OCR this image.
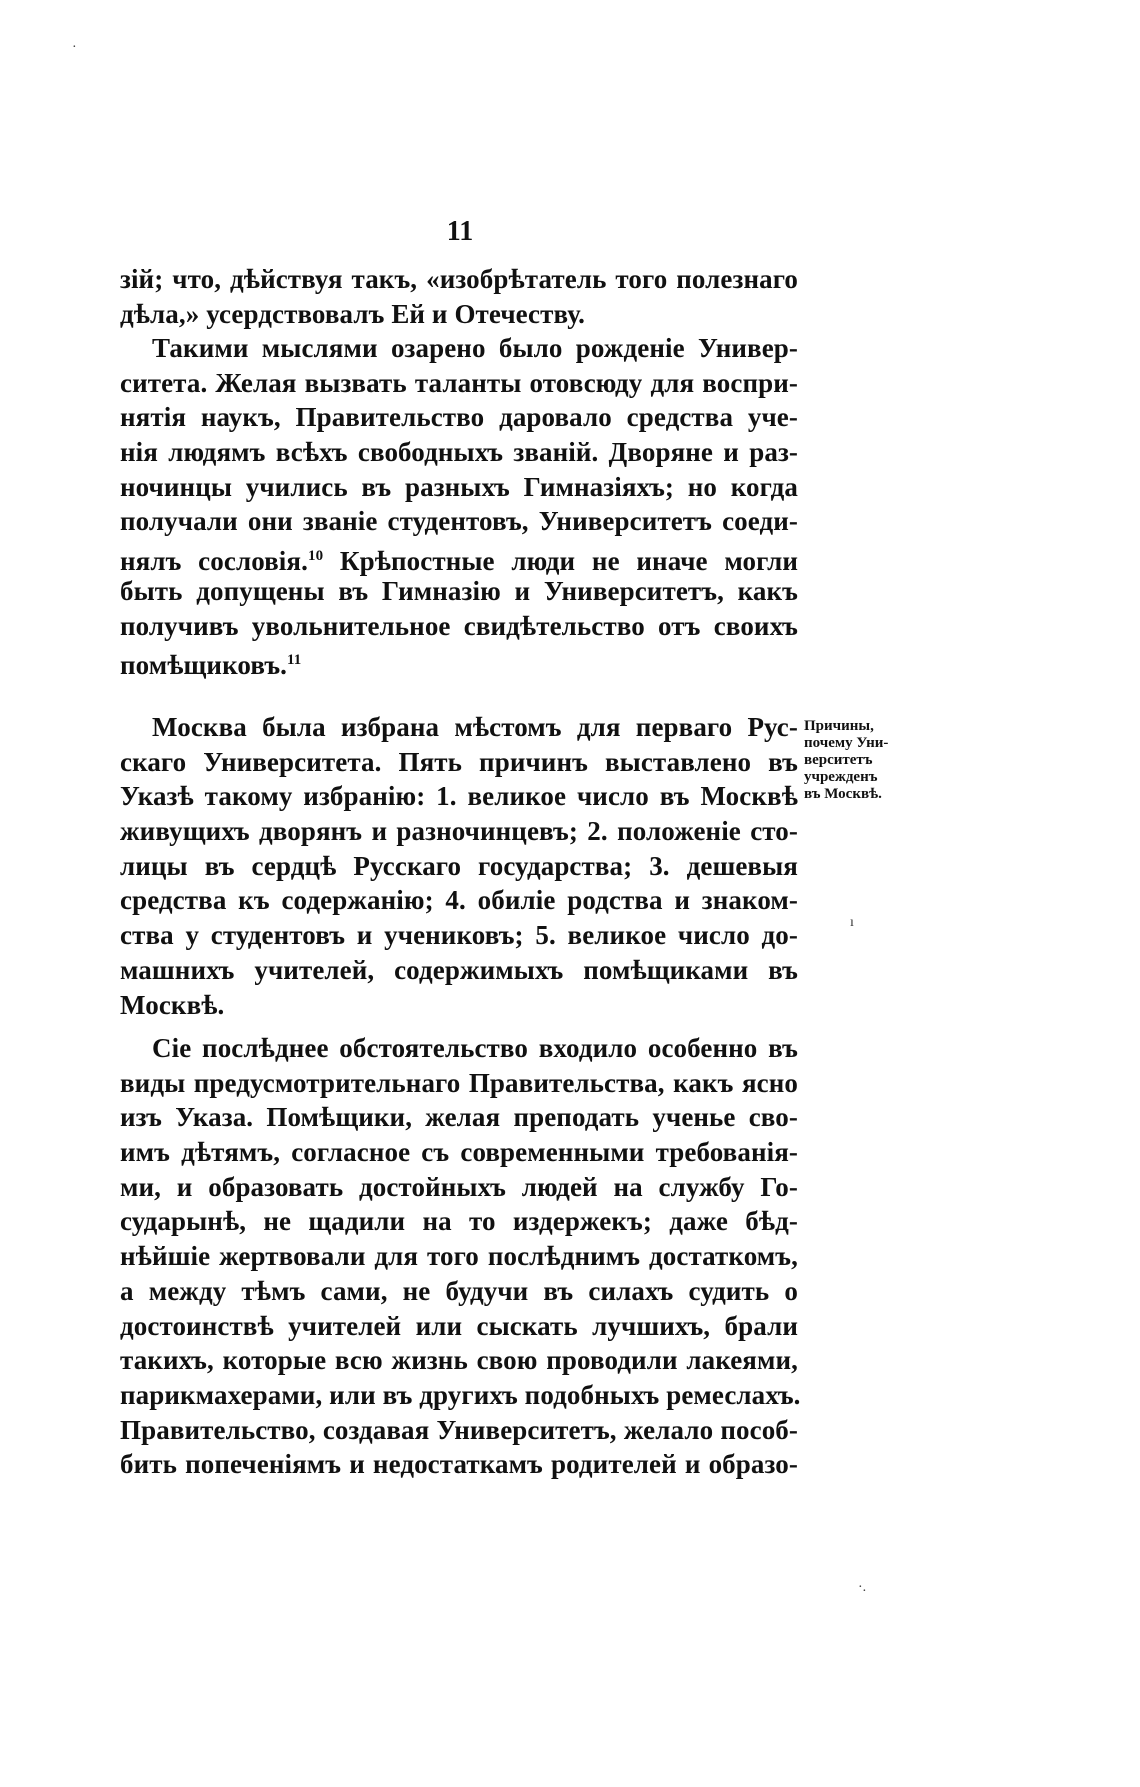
11
зій; что, дѣйствуя такъ, «изобрѣтатель того полезнаго
дѣла,» усердствовалъ Ей и Отечеству.
Такими мыслями озарено было рожденіе Универ-
ситета. Желая вызвать таланты отовсюду для воспри-
нятія наукъ, Правительство даровало средства уче-
нія людямъ всѣхъ свободныхъ званій. Дворяне и раз-
ночинцы учились въ разныхъ Гимназіяхъ; но когда
получали они званіе студентовъ, Университетъ соеди-
нялъ сословія.$^{10}$ Крѣпостные люди не иначе могли
быть допущены въ Гимназію и Университетъ, какъ
получивъ увольнительное свидѣтельство отъ своихъ
помѣщиковъ.$^{11}$
Москва была избрана мѣстомъ для перваго Рус-
скаго Университета. Пять причинъ выставлено въ
Указѣ такому избранію: 1. великое число въ Москвѣ
живущихъ дворянъ и разночинцевъ; 2. положеніе сто-
лицы въ сердцѣ Русскаго государства; 3. дешевыя
средства къ содержанію; 4. обиліе родства и знаком-
ства у студентовъ и учениковъ; 5. великое число до-
машнихъ учителей, содержимыхъ помѣщиками въ
Москвѣ.
Причины,
почему Уни-
верситетъ
учрежденъ
въ Москвѣ.
Сіе послѣднее обстоятельство входило особенно въ
виды предусмотрительнаго Правительства, какъ ясно
изъ Указа. Помѣщики, желая преподать ученье сво-
имъ дѣтямъ, согласное съ современными требованія-
ми, и образовать достойныхъ людей на службу Го-
сударынѣ, не щадили на то издержекъ; даже бѣд-
нѣйшіе жертвовали для того послѣднимъ достаткомъ,
а между тѣмъ сами, не будучи въ силахъ судить о
достоинствѣ учителей или сыскать лучшихъ, брали
такихъ, которые всю жизнь свою проводили лакеями,
парикмахерами, или въ другихъ подобныхъ ремеслахъ.
Правительство, создавая Университетъ, желало пособ-
бить попеченіямъ и недостаткамъ родителей и образо-
·
ı
·.
